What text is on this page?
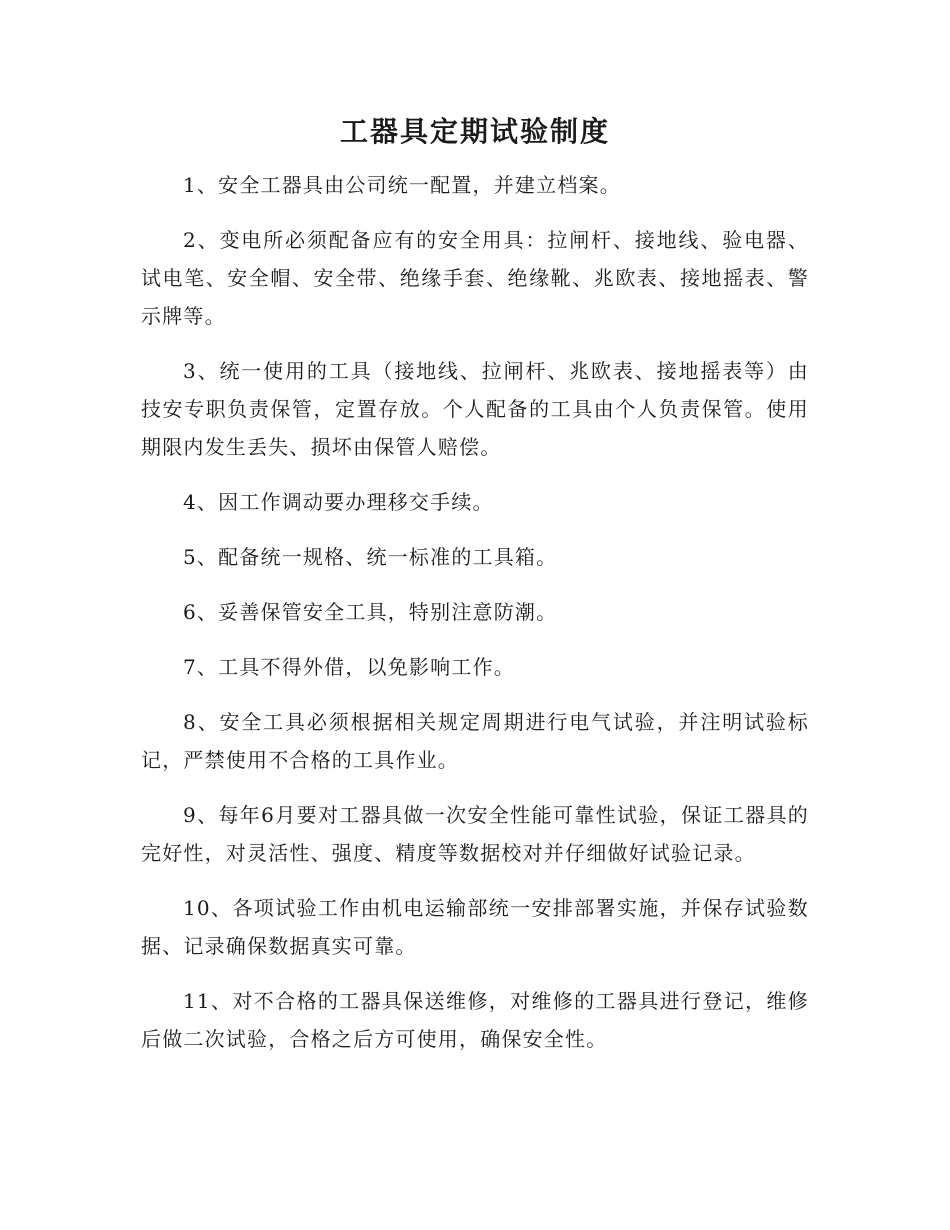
工器具定期试验制度

1、安全工器具由公司统一配置，并建立档案。

2、变电所必须配备应有的安全用具：拉闸杆、接地线、验电器、试电笔、安全帽、安全带、绝缘手套、绝缘靴、兆欧表、接地摇表、警示牌等。

3、统一使用的工具（接地线、拉闸杆、兆欧表、接地摇表等）由技安专职负责保管，定置存放。个人配备的工具由个人负责保管。使用期限内发生丢失、损坏由保管人赔偿。

4、因工作调动要办理移交手续。

5、配备统一规格、统一标准的工具箱。

6、妥善保管安全工具，特别注意防潮。

7、工具不得外借，以免影响工作。

8、安全工具必须根据相关规定周期进行电气试验，并注明试验标记，严禁使用不合格的工具作业。

9、每年6月要对工器具做一次安全性能可靠性试验，保证工器具的完好性，对灵活性、强度、精度等数据校对并仔细做好试验记录。

10、各项试验工作由机电运输部统一安排部署实施，并保存试验数据、记录确保数据真实可靠。

11、对不合格的工器具保送维修，对维修的工器具进行登记，维修后做二次试验，合格之后方可使用，确保安全性。
